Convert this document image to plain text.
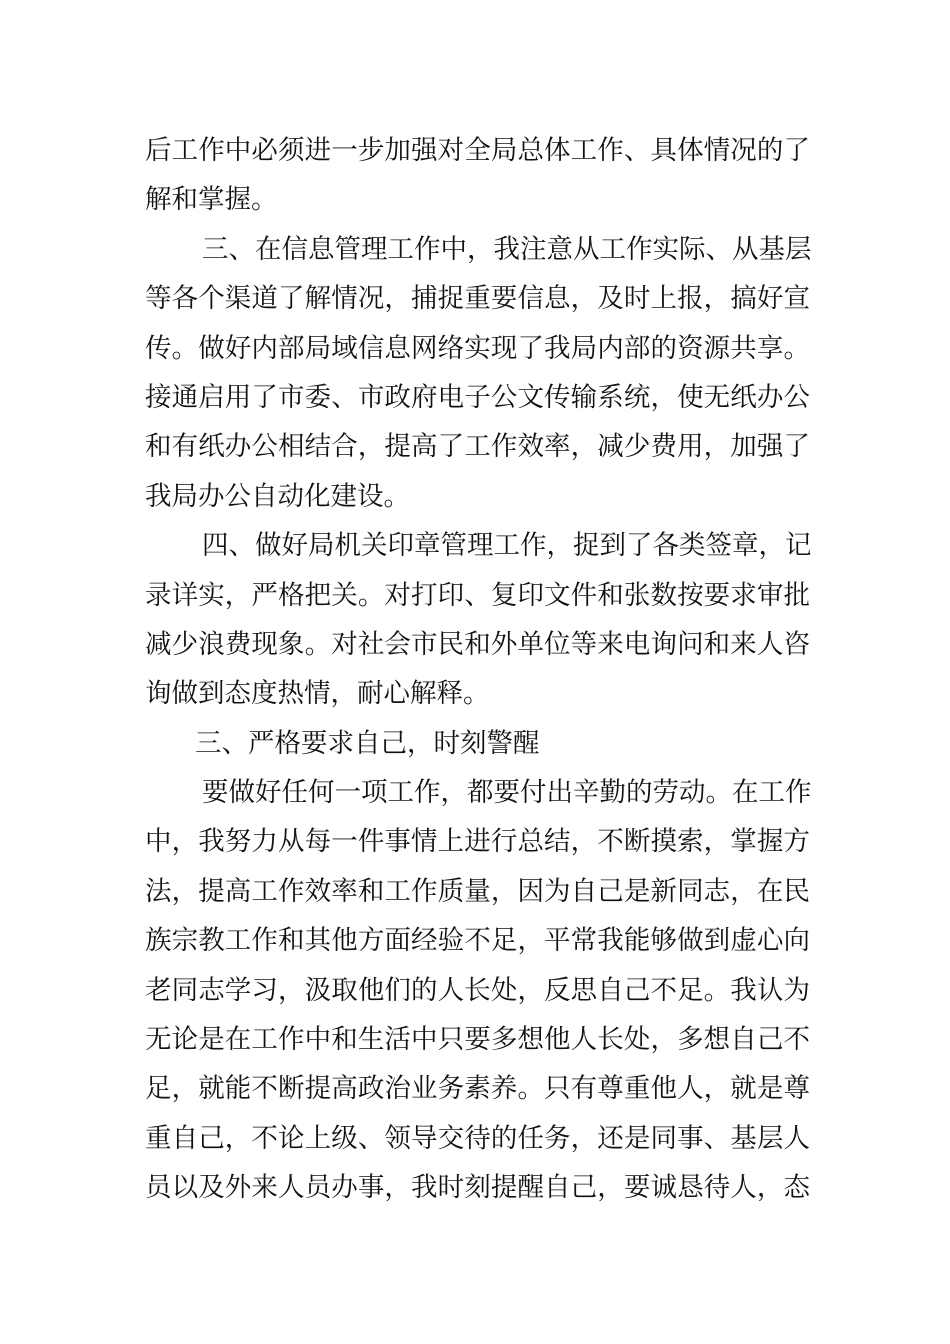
后工作中必须进一步加强对全局总体工作、具体情况的了
解和掌握。
三、在信息管理工作中，我注意从工作实际、从基层
等各个渠道了解情况，捕捉重要信息，及时上报，搞好宣
传。做好内部局域信息网络实现了我局内部的资源共享。
接通启用了市委、市政府电子公文传输系统，使无纸办公
和有纸办公相结合，提高了工作效率，减少费用，加强了
我局办公自动化建设。
四、做好局机关印章管理工作，捉到了各类签章，记
录详实，严格把关。对打印、复印文件和张数按要求审批
减少浪费现象。对社会市民和外单位等来电询问和来人咨
询做到态度热情，耐心解释。
三、严格要求自己，时刻警醒
要做好任何一项工作，都要付出辛勤的劳动。在工作
中，我努力从每一件事情上进行总结，不断摸索，掌握方
法，提高工作效率和工作质量，因为自己是新同志，在民
族宗教工作和其他方面经验不足，平常我能够做到虚心向
老同志学习，汲取他们的人长处，反思自己不足。我认为
无论是在工作中和生活中只要多想他人长处，多想自己不
足，就能不断提高政治业务素养。只有尊重他人，就是尊
重自己，不论上级、领导交待的任务，还是同事、基层人
员以及外来人员办事，我时刻提醒自己，要诚恳待人，态
